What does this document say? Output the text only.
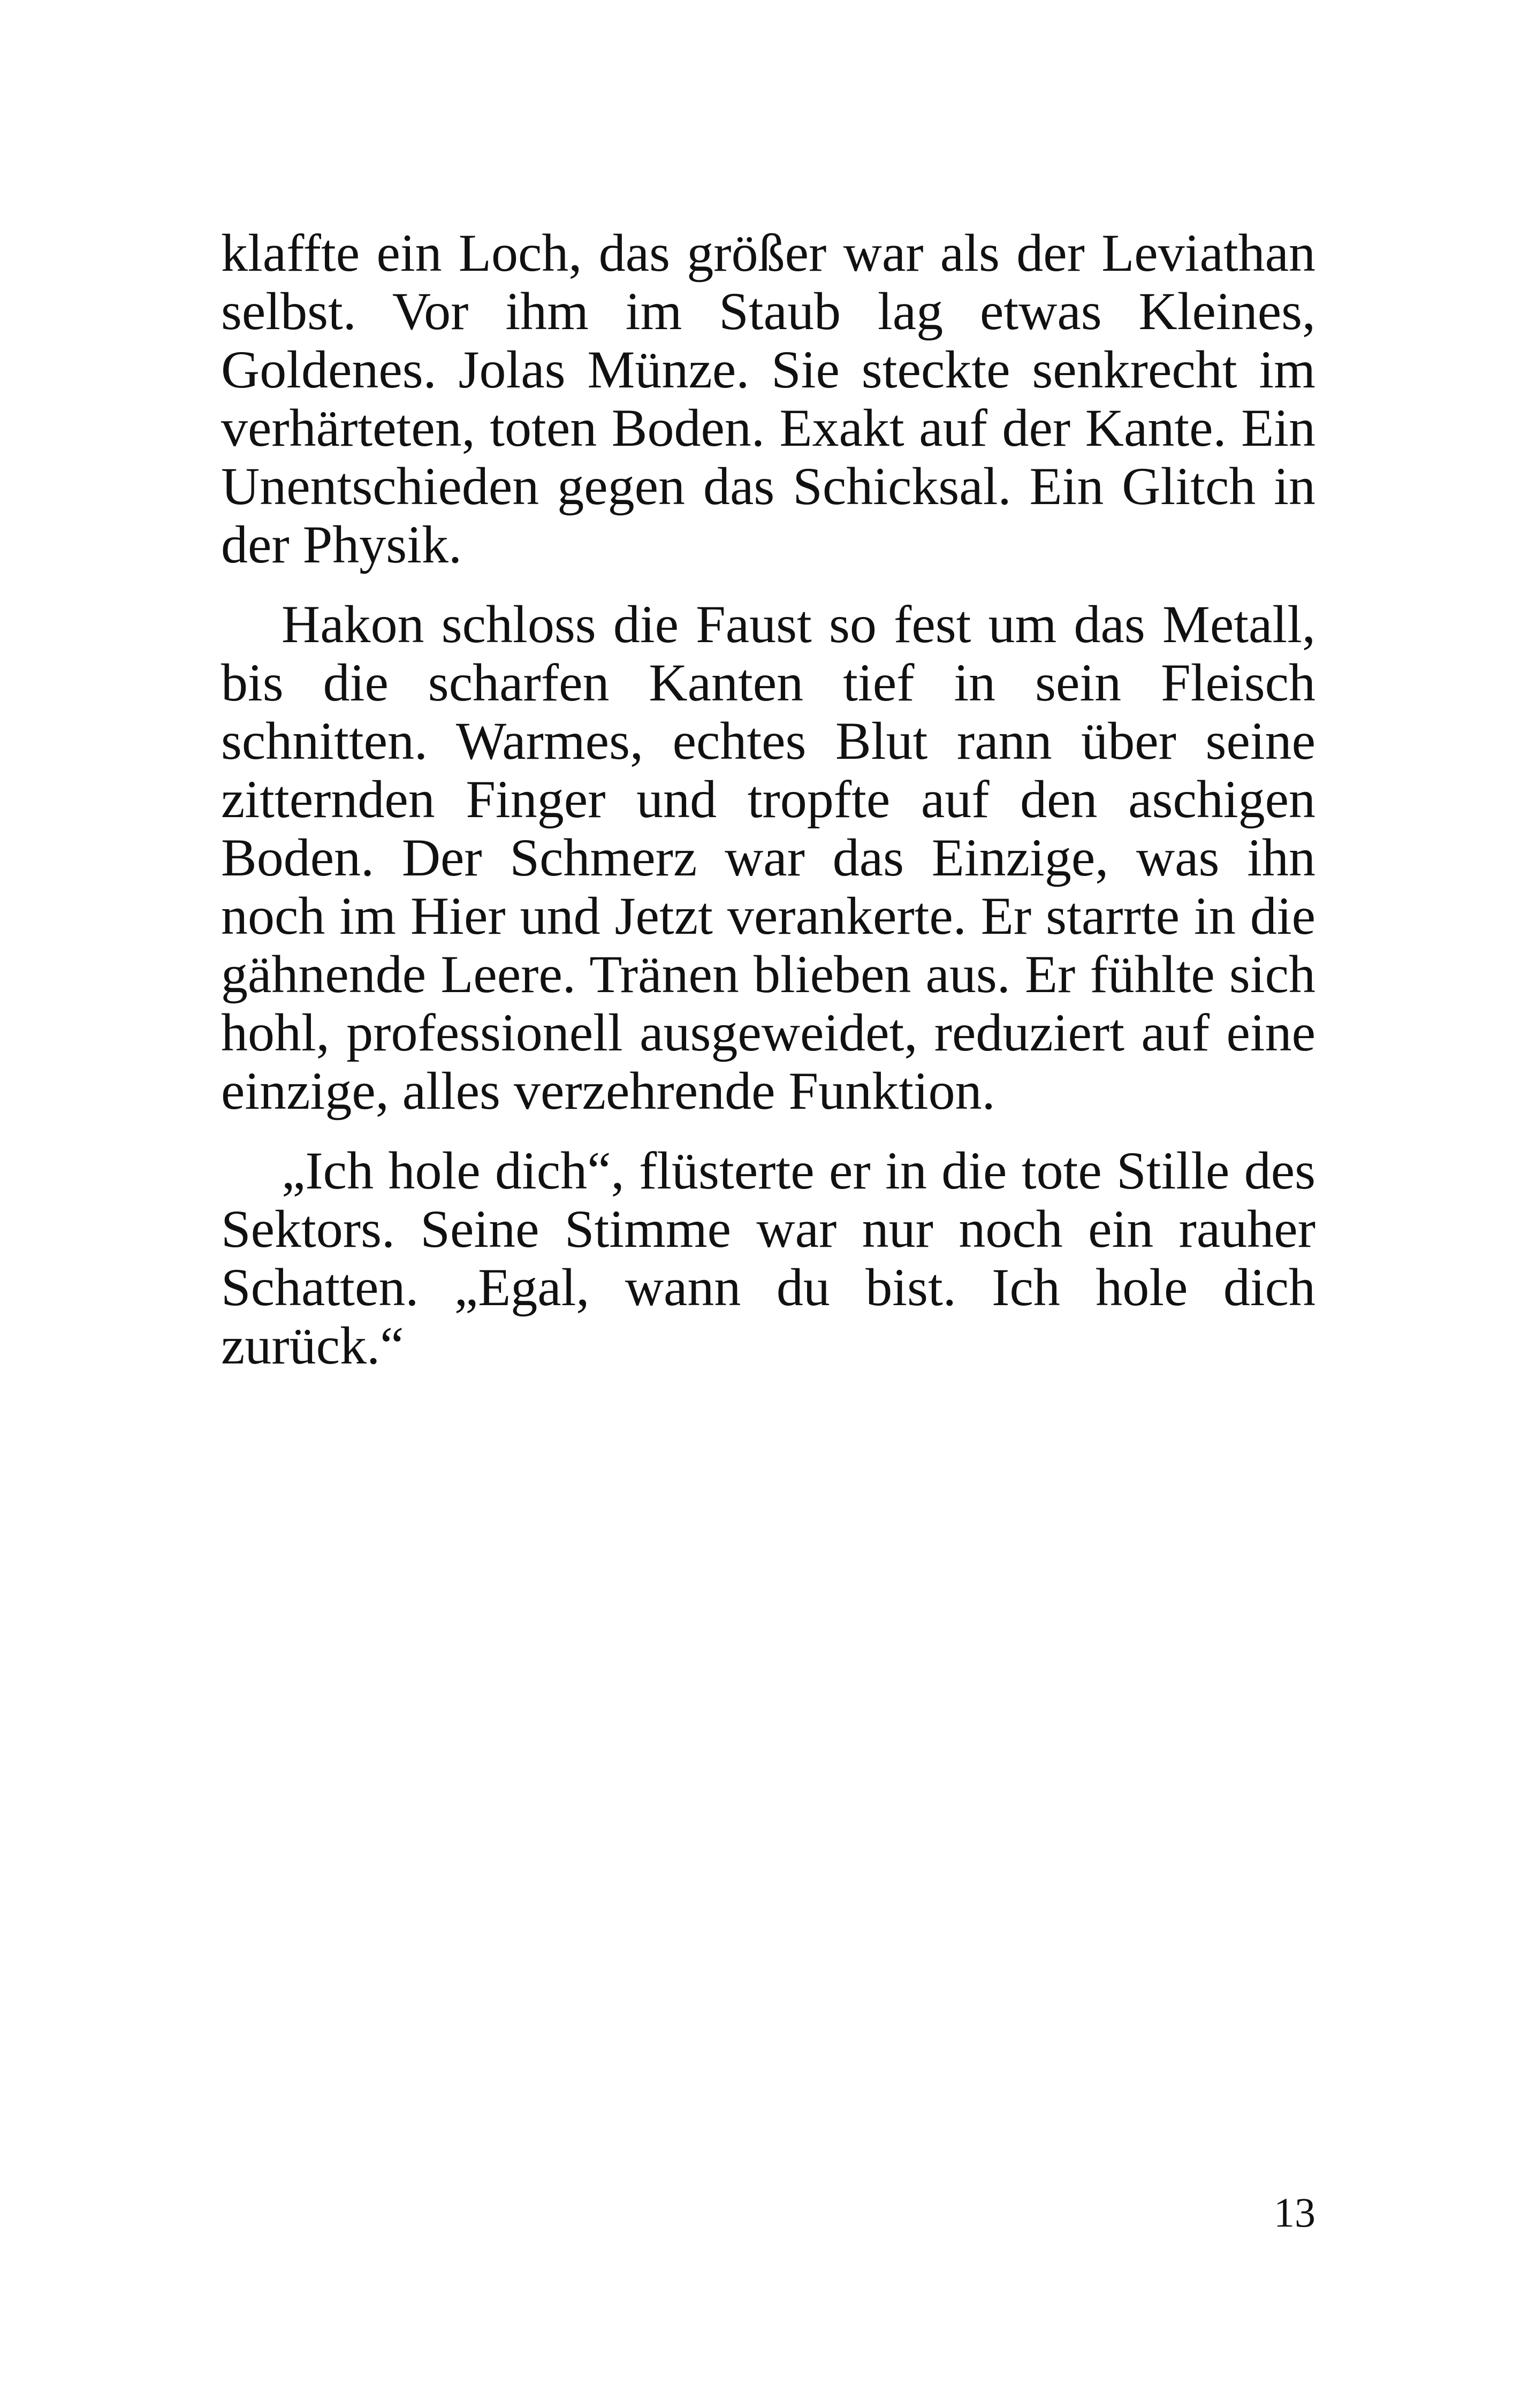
klaffte ein Loch, das größer war als der Leviathan selbst. Vor ihm im Staub lag etwas Kleines, Goldenes. Jolas Münze. Sie steckte senkrecht im verhärteten, toten Boden. Exakt auf der Kante. Ein Unentschieden gegen das Schicksal. Ein Glitch in der Physik.

Hakon schloss die Faust so fest um das Metall, bis die scharfen Kanten tief in sein Fleisch schnitten. Warmes, echtes Blut rann über seine zitternden Finger und tropfte auf den aschigen Boden. Der Schmerz war das Einzige, was ihn noch im Hier und Jetzt verankerte. Er starrte in die gähnende Leere. Tränen blieben aus. Er fühlte sich hohl, professionell ausgeweidet, reduziert auf eine einzige, alles verzehrende Funktion.

„Ich hole dich“, flüsterte er in die tote Stille des Sektors. Seine Stimme war nur noch ein rauher Schatten. „Egal, wann du bist. Ich hole dich zurück.“

13
